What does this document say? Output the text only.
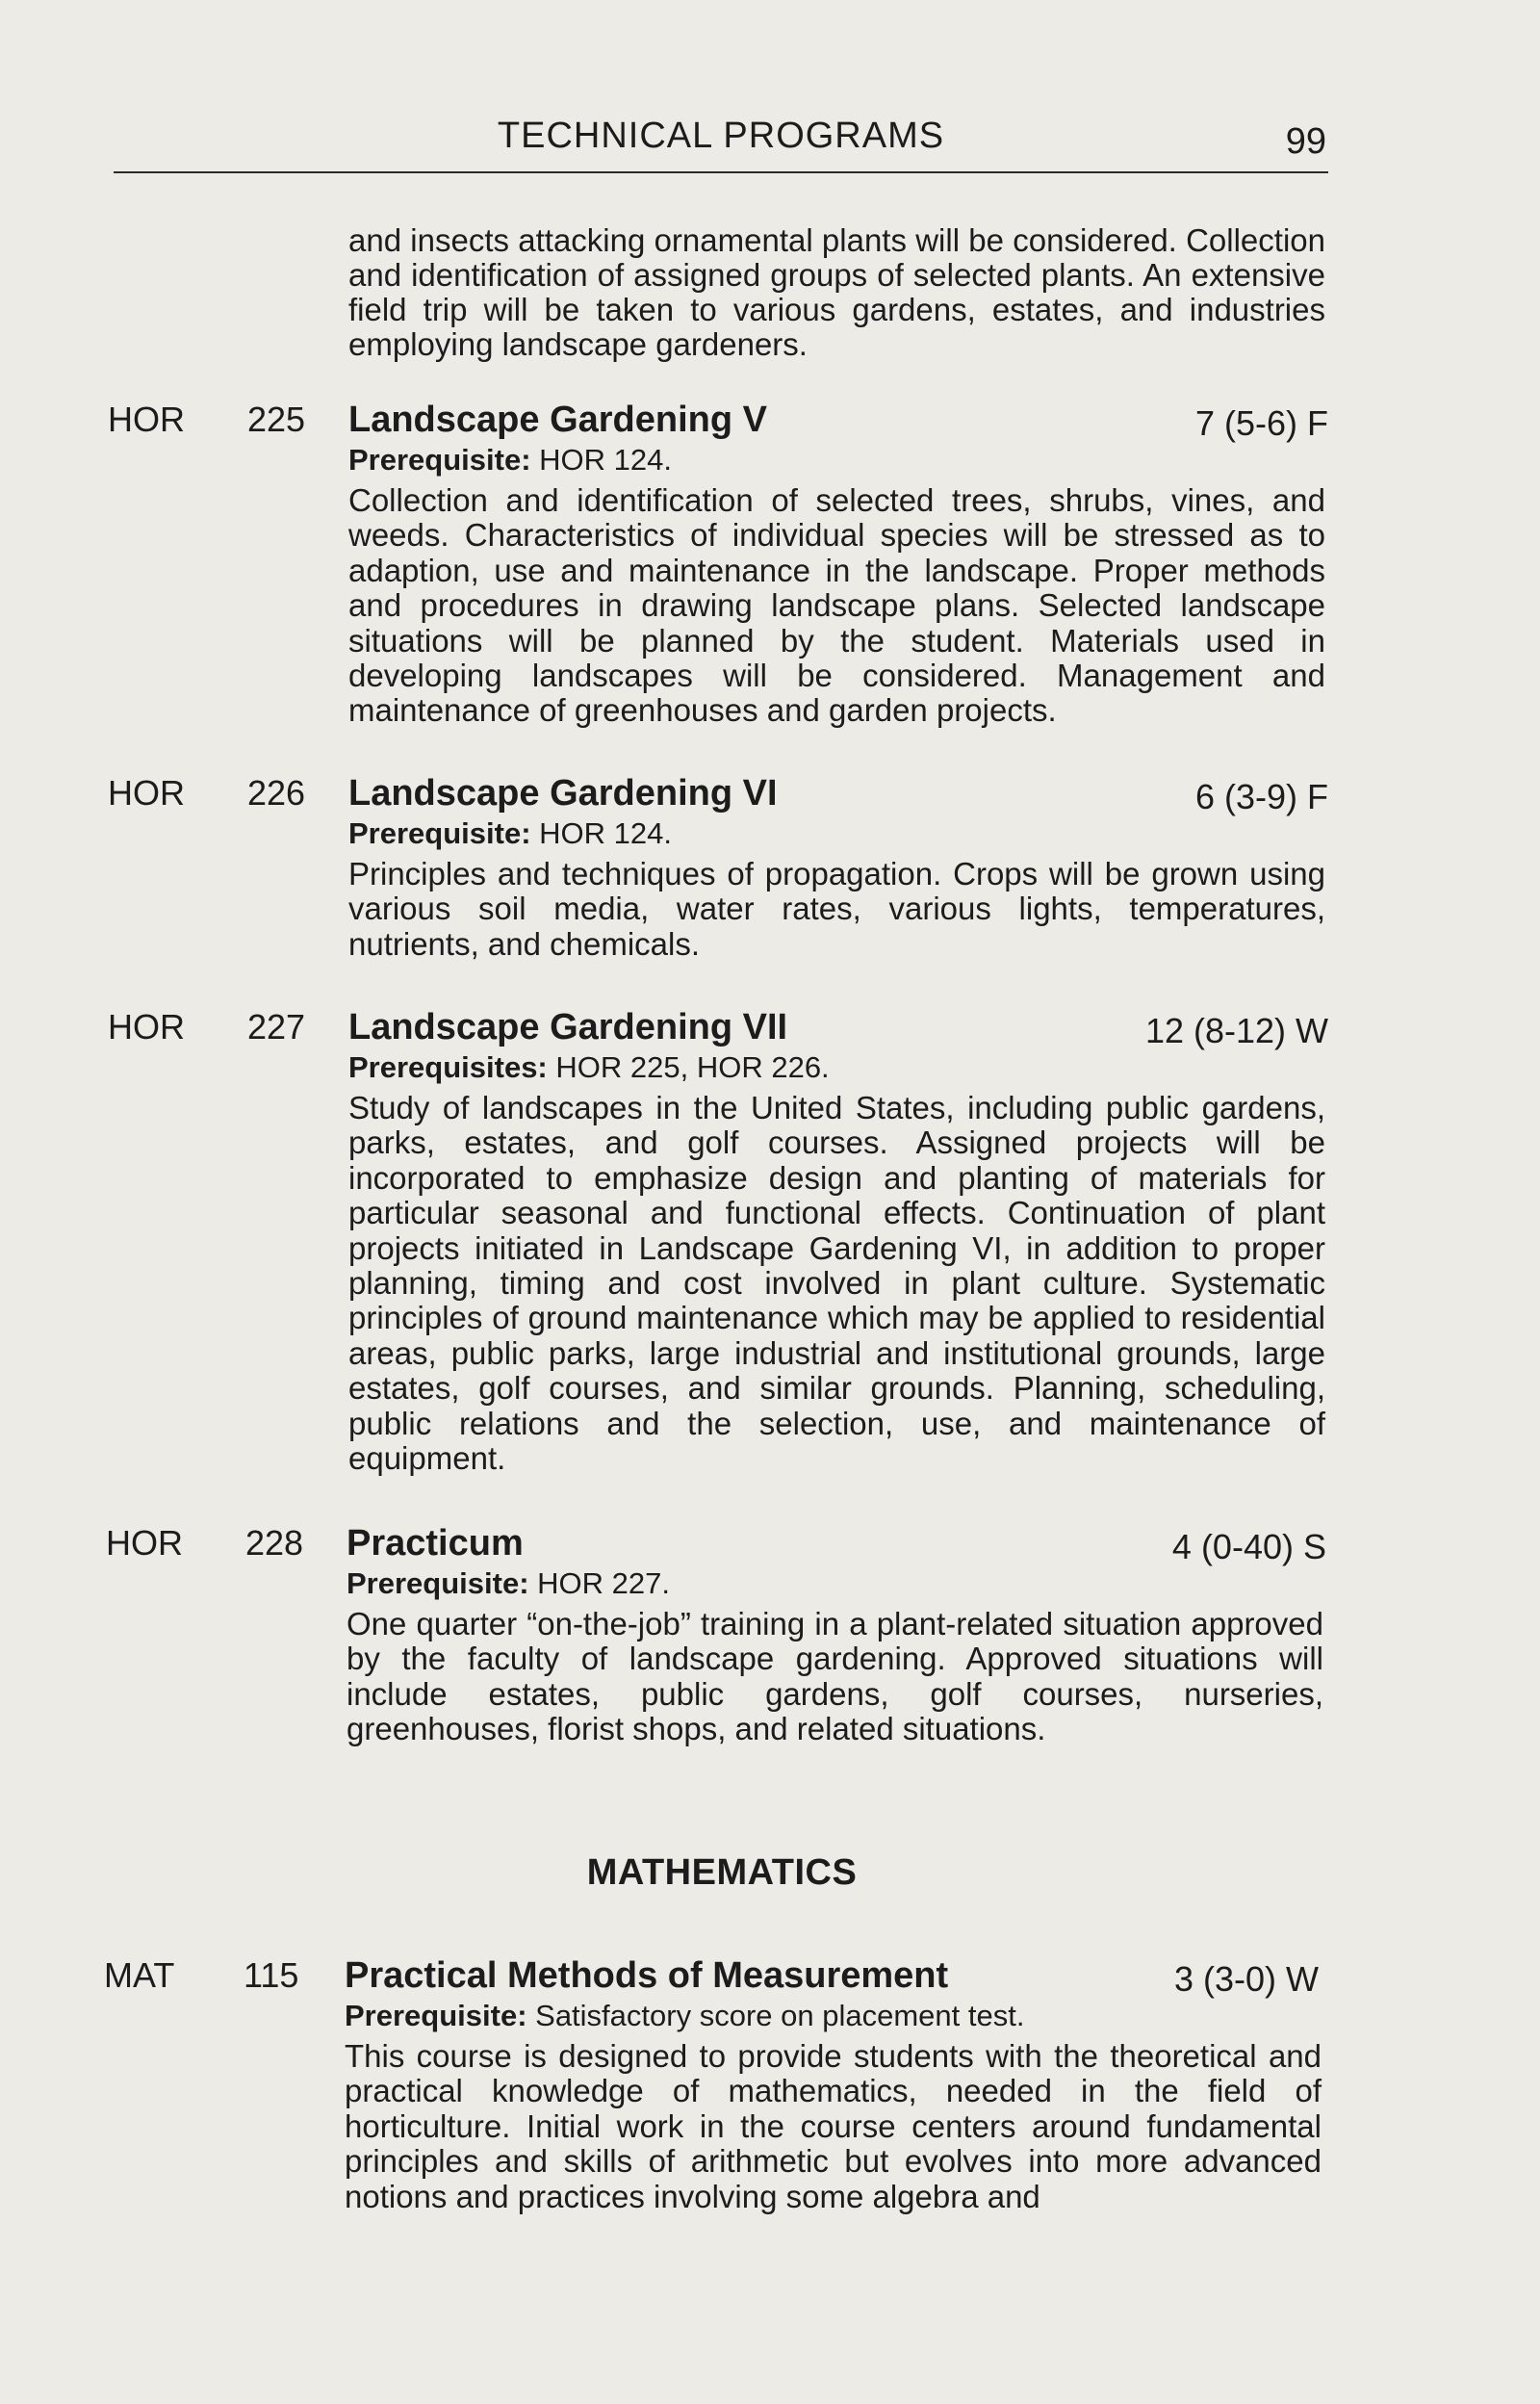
TECHNICAL PROGRAMS	99

and insects attacking ornamental plants will be considered. Collection and identification of assigned groups of selected plants. An extensive field trip will be taken to various gardens, estates, and industries employing landscape gardeners.

HOR 225 Landscape Gardening V	7 (5-6) F
Prerequisite: HOR 124.

Collection and identification of selected trees, shrubs, vines, and weeds. Characteristics of individual species will be stressed as to adaption, use and maintenance in the landscape. Proper methods and procedures in drawing landscape plans. Selected landscape situations will be planned by the student. Materials used in developing landscapes will be considered. Management and maintenance of greenhouses and garden projects.

HOR 226 Landscape Gardening VI	6 (3-9) F
Prerequisite: HOR 124.

Principles and techniques of propagation. Crops will be grown using various soil media, water rates, various lights, temperatures, nutrients, and chemicals.

HOR 227 Landscape Gardening VII	12 (8-12) W
Prerequisites: HOR 225, HOR 226.

Study of landscapes in the United States, including public gardens, parks, estates, and golf courses. Assigned projects will be incorporated to emphasize design and planting of materials for particular seasonal and functional effects. Continuation of plant projects initiated in Landscape Gardening VI, in addition to proper planning, timing and cost involved in plant culture. Systematic principles of ground maintenance which may be applied to residential areas, public parks, large industrial and institutional grounds, large estates, golf courses, and similar grounds. Planning, scheduling, public relations and the selection, use, and maintenance of equipment.

HOR 228 Practicum	4 (0-40) S
Prerequisite: HOR 227.

One quarter “on-the-job” training in a plant-related situation approved by the faculty of landscape gardening. Approved situations will include estates, public gardens, golf courses, nurseries, greenhouses, florist shops, and related situations.

MATHEMATICS
MAT 115 Practical Methods of Measurement	3 (3-0) W
Prerequisite: Satisfactory score on placement test.

This course is designed to provide students with the theoretical and practical knowledge of mathematics, needed in the field of horticulture. Initial work in the course centers around fundamental principles and skills of arithmetic but evolves into more advanced notions and practices involving some algebra and
